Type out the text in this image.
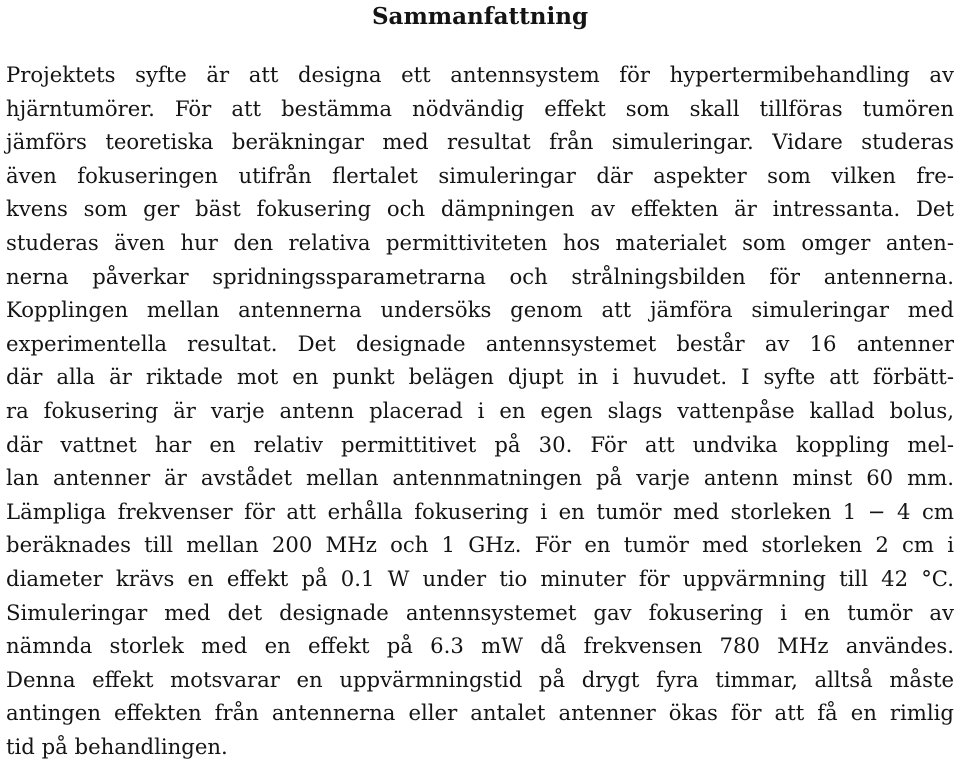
Sammanfattning
Projektets syfte är att designa ett antennsystem för hypertermibehandling av
hjärntumörer. För att bestämma nödvändig effekt som skall tillföras tumören
jämförs teoretiska beräkningar med resultat från simuleringar. Vidare studeras
även fokuseringen utifrån flertalet simuleringar där aspekter som vilken fre-
kvens som ger bäst fokusering och dämpningen av effekten är intressanta. Det
studeras även hur den relativa permittiviteten hos materialet som omger anten-
nerna påverkar spridningssparametrarna och strålningsbilden för antennerna.
Kopplingen mellan antennerna undersöks genom att jämföra simuleringar med
experimentella resultat. Det designade antennsystemet består av 16 antenner
där alla är riktade mot en punkt belägen djupt in i huvudet. I syfte att förbätt-
ra fokusering är varje antenn placerad i en egen slags vattenpåse kallad bolus,
där vattnet har en relativ permittitivet på 30. För att undvika koppling mel-
lan antenner är avstådet mellan antennmatningen på varje antenn minst 60 mm.
Lämpliga frekvenser för att erhålla fokusering i en tumör med storleken 1 − 4 cm
beräknades till mellan 200 MHz och 1 GHz. För en tumör med storleken 2 cm i
diameter krävs en effekt på 0.1 W under tio minuter för uppvärmning till 42 °C.
Simuleringar med det designade antennsystemet gav fokusering i en tumör av
nämnda storlek med en effekt på 6.3 mW då frekvensen 780 MHz användes.
Denna effekt motsvarar en uppvärmningstid på drygt fyra timmar, alltså måste
antingen effekten från antennerna eller antalet antenner ökas för att få en rimlig
tid på behandlingen.
